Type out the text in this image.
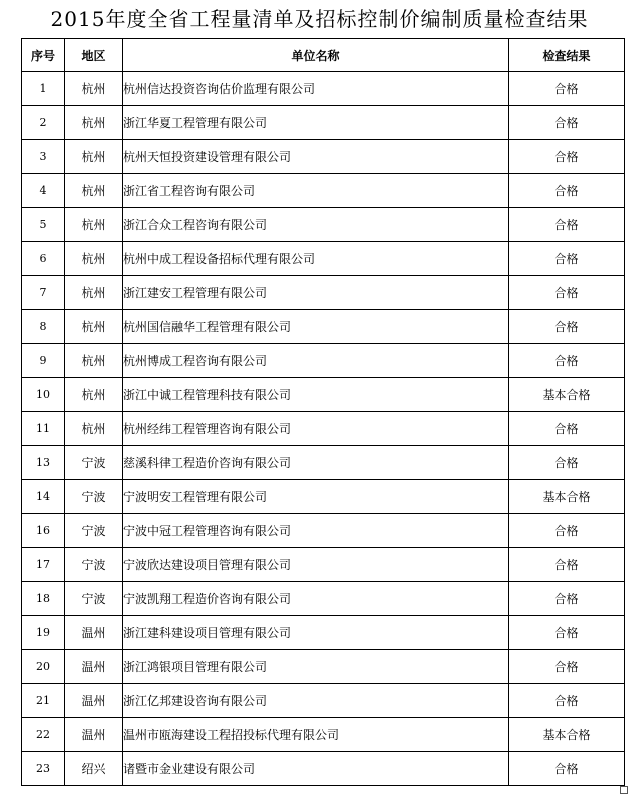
2015年度全省工程量清单及招标控制价编制质量检查结果
序号	地区	单位名称	检查结果
1	杭州	杭州信达投资咨询估价监理有限公司	合格
2	杭州	浙江华夏工程管理有限公司	合格
3	杭州	杭州天恒投资建设管理有限公司	合格
4	杭州	浙江省工程咨询有限公司	合格
5	杭州	浙江合众工程咨询有限公司	合格
6	杭州	杭州中成工程设备招标代理有限公司	合格
7	杭州	浙江建安工程管理有限公司	合格
8	杭州	杭州国信融华工程管理有限公司	合格
9	杭州	杭州博成工程咨询有限公司	合格
10	杭州	浙江中诚工程管理科技有限公司	基本合格
11	杭州	杭州经纬工程管理咨询有限公司	合格
13	宁波	慈溪科律工程造价咨询有限公司	合格
14	宁波	宁波明安工程管理有限公司	基本合格
16	宁波	宁波中冠工程管理咨询有限公司	合格
17	宁波	宁波欣达建设项目管理有限公司	合格
18	宁波	宁波凯翔工程造价咨询有限公司	合格
19	温州	浙江建科建设项目管理有限公司	合格
20	温州	浙江鸿银项目管理有限公司	合格
21	温州	浙江亿邦建设咨询有限公司	合格
22	温州	温州市瓯海建设工程招投标代理有限公司	基本合格
23	绍兴	诸暨市金业建设有限公司	合格
